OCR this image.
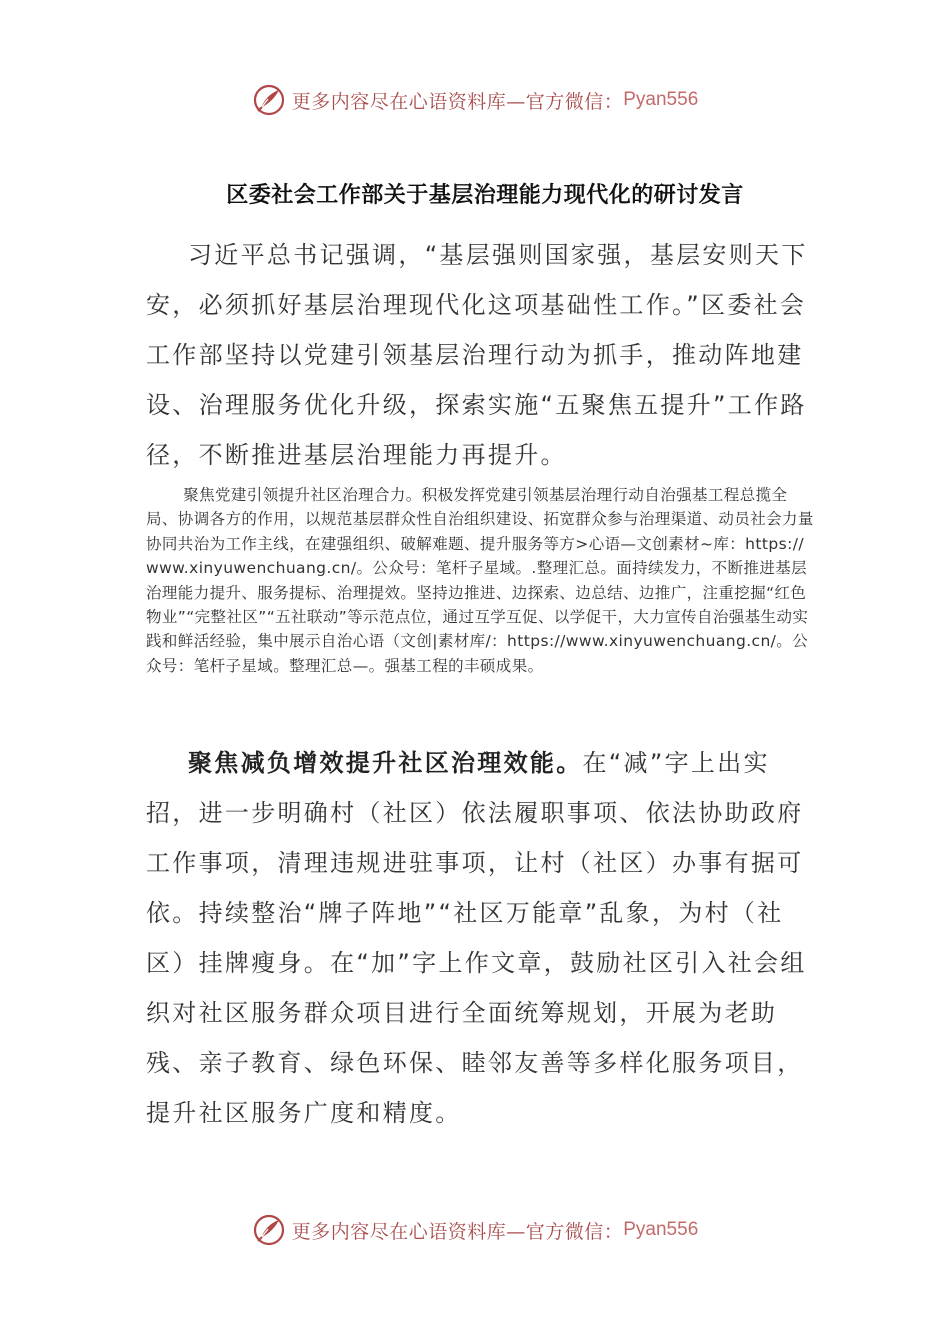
更多内容尽在心语资料库—官方微信： Pyan556
区委社会工作部关于基层治理能力现代化的研讨发言

习近平总书记强调，“基层强则国家强，基层安则天下安，必须抓好基层治理现代化这项基础性工作。”区委社会工作部坚持以党建引领基层治理行动为抓手，推动阵地建设、治理服务优化升级，探索实施“五聚焦五提升”工作路径，不断推进基层治理能力再提升。

聚焦党建引领提升社区治理合力。积极发挥党建引领基层治理行动自治强基工程总揽全局、协调各方的作用，以规范基层群众性自治组织建设、拓宽群众参与治理渠道、动员社会力量协同共治为工作主线，在建强组织、破解难题、提升服务等方>心语—文创素材~库：https://www.xinyuwenchuang.cn/。公众号：笔杆子星域。.整理汇总。面持续发力，不断推进基层治理能力提升、服务提标、治理提效。坚持边推进、边探索、边总结、边推广，注重挖掘“红色物业”“完整社区”“五社联动”等示范点位，通过互学互促、以学促干，大力宣传自治强基生动实践和鲜活经验，集中展示自治心语（文创|素材库/：https://www.xinyuwenchuang.cn/。公众号：笔杆子星域。整理汇总—。强基工程的丰硕成果。

聚焦减负增效提升社区治理效能。在“减”字上出实招，进一步明确村（社区）依法履职事项、依法协助政府工作事项，清理违规进驻事项，让村（社区）办事有据可依。持续整治“牌子阵地”“社区万能章”乱象，为村（社区）挂牌瘦身。在“加”字上作文章，鼓励社区引入社会组织对社区服务群众项目进行全面统筹规划，开展为老助残、亲子教育、绿色环保、睦邻友善等多样化服务项目，提升社区服务广度和精度。

更多内容尽在心语资料库—官方微信： Pyan556
